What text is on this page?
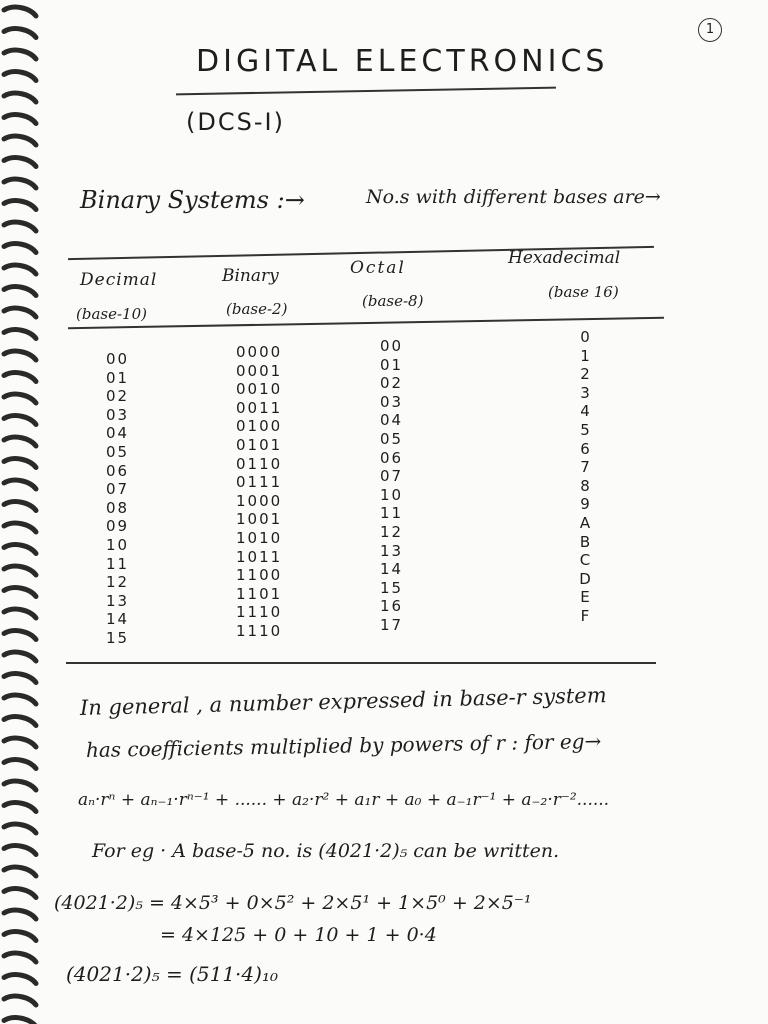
1
DIGITAL ELECTRONICS
(DCS-I)
Binary Systems :→	No.s with different bases are→
Decimal
(base-10)
Binary
(base-2)
Octal
(base-8)
Hexadecimal
(base 16)
00
01
02
03
04
05
06
07
08
09
10
11
12
13
14
15
0000
0001
0010
0011
0100
0101
0110
0111
1000
1001
1010
1011
1100
1101
1110
1110
00
01
02
03
04
05
06
07
10
11
12
13
14
15
16
17
0
1
2
3
4
5
6
7
8
9
A
B
C
D
E
F
In general , a number expressed in base-r system
has coefficients multiplied by powers of r : for eg→
aₙ·rⁿ + aₙ₋₁·rⁿ⁻¹ + ...... + a₂·r² + a₁r + a₀ + a₋₁r⁻¹ + a₋₂·r⁻²......
For eg · A base-5 no. is (4021·2)₅ can be written.
(4021·2)₅ = 4×5³ + 0×5² + 2×5¹ + 1×5⁰ + 2×5⁻¹
= 4×125 + 0 + 10 + 1 + 0·4
(4021·2)₅ = (511·4)₁₀
